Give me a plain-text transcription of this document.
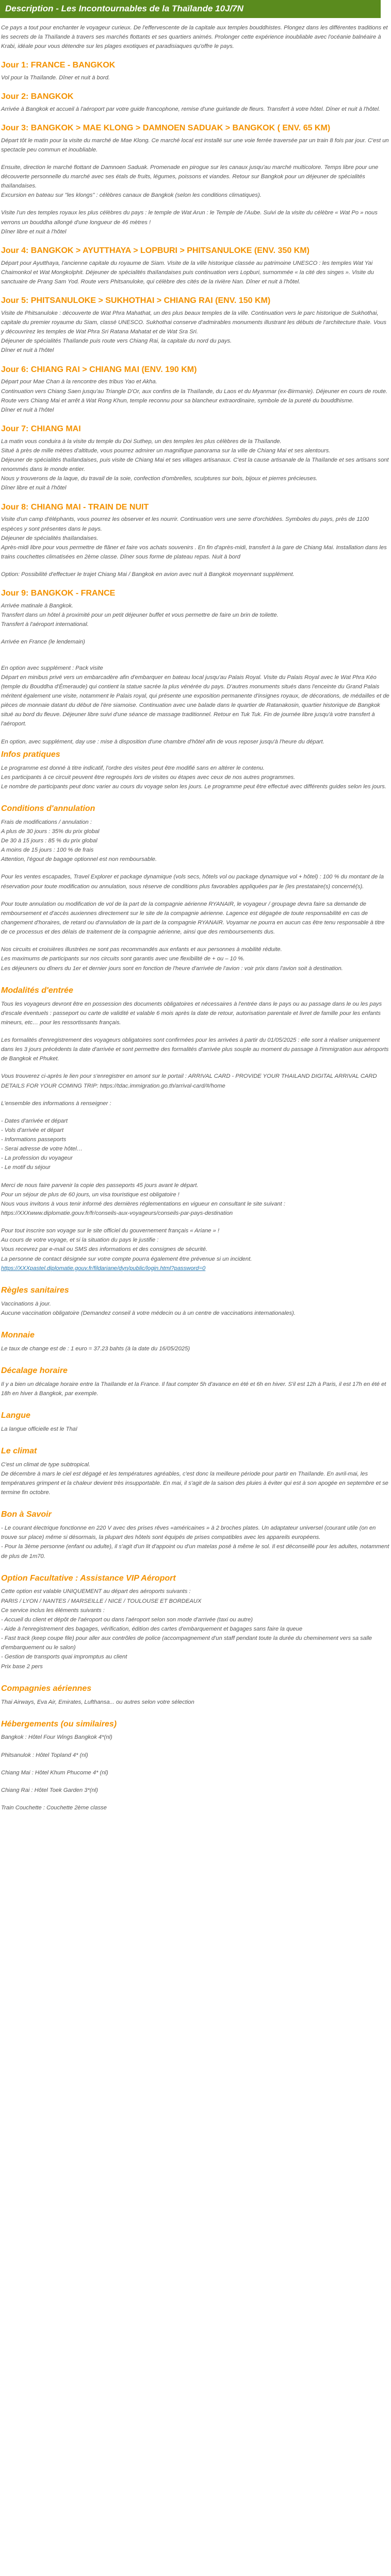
Description - Les Incontournables de la Thaïlande 10J/7N

Ce pays a tout pour enchanter le voyageur curieux. De l'effervescente de la capitale aux temples bouddhistes. Plongez dans les différentes traditions et les secrets de la Thaïlande à travers ses marchés flottants et ses quartiers animés. Prolonger cette expérience inoubliable avec l'océanie balnéaire à Krabi, idéale pour vous détendre sur les plages exotiques et paradisiaques qu'offre le pays.

Jour 1: FRANCE - BANGKOK
Vol pour la Thaïlande. Dîner et nuit à bord.
Jour 2: BANGKOK
Arrivée à Bangkok et accueil à l'aéroport par votre guide francophone, remise d'une guirlande de fleurs. Transfert à votre hôtel. Dîner et nuit à l'hôtel.
Jour 3: BANGKOK > MAE KLONG > DAMNOEN SADUAK > BANGKOK ( ENV. 65 KM)
Départ tôt le matin pour la visite du marché de Mae Klong. Ce marché local est installé sur une voie ferrée traversée par un train 8 fois par jour. C'est un spectacle peu commun et inoubliable.
Ensuite, direction le marché flottant de Damnoen Saduak. Promenade en pirogue sur les canaux jusqu'au marché multicolore. Temps libre pour une découverte personnelle du marché avec ses étals de fruits, légumes, poissons et viandes. Retour sur Bangkok pour un déjeuner de spécialités thaïlandaises.
Excursion en bateau sur "les klongs" : célèbres canaux de Bangkok (selon les conditions climatiques).
Visite l'un des temples royaux les plus célèbres du pays : le temple de Wat Arun : le Temple de l'Aube. Suivi de la visite du célèbre « Wat Po » nous verrons un bouddha allongé d'une longueur de 46 mètres !
Dîner libre et nuit à l'hôtel
Jour 4: BANGKOK > AYUTTHAYA > LOPBURI > PHITSANULOKE (ENV. 350 KM)
Départ pour Ayutthaya, l'ancienne capitale du royaume de Siam. Visite de la ville historique classée au patrimoine UNESCO : les temples Wat Yai Chaimonkol et Wat Mongkolphit. Déjeuner de spécialités thaïlandaises puis continuation vers Lopburi, surnommée « la cité des singes ». Visite du sanctuaire de Prang Sam Yod. Route vers Phitsanuloke, qui célèbre des cités de la rivière Nan. Dîner et nuit à l'hôtel.
Jour 5: PHITSANULOKE > SUKHOTHAI > CHIANG RAI (ENV. 150 KM)
Visite de Phitsanuloke : découverte de Wat Phra Mahathat, un des plus beaux temples de la ville. Continuation vers le parc historique de Sukhothai, capitale du premier royaume du Siam, classé UNESCO. Sukhothai conserve d'admirables monuments illustrant les débuts de l'architecture thaïe. Vous y découvrirez les temples de Wat Phra Sri Ratana Mahatat et de Wat Sra Sri.
Déjeuner de spécialités Thaïlande puis route vers Chiang Rai, la capitale du nord du pays.
Dîner et nuit à l'hôtel
Jour 6: CHIANG RAI > CHIANG MAI (ENV. 190 KM)
Départ pour Mae Chan à la rencontre des tribus Yao et Akha.
Continuation vers Chiang Saen jusqu'au Triangle D'Or, aux confins de la Thaïlande, du Laos et du Myanmar (ex-Birmanie). Déjeuner en cours de route.
Route vers Chiang Mai et arrêt à Wat Rong Khun, temple reconnu pour sa blancheur extraordinaire, symbole de la pureté du bouddhisme.
Dîner et nuit à l'hôtel
Jour 7: CHIANG MAI
La matin vous conduira à la visite du temple du Doi Suthep, un des temples les plus célèbres de la Thaïlande.
Situé à près de mille mètres d'altitude, vous pourrez admirer un magnifique panorama sur la ville de Chiang Mai et ses alentours.
Déjeuner de spécialités thaïlandaises, puis visite de Chiang Mai et ses villages artisanaux. C'est la cause artisanale de la Thaïlande et ses artisans sont renommés dans le monde entier.
Nous y trouverons de la laque, du travail de la soie, confection d'ombrelles, sculptures sur bois, bijoux et pierres précieuses.
Dîner libre et nuit à l'hôtel
Jour 8: CHIANG MAI - TRAIN DE NUIT
Visite d'un camp d'éléphants, vous pourrez les observer et les nourrir. Continuation vers une serre d'orchidées. Symboles du pays, près de 1100 espèces y sont présentes dans le pays.
Déjeuner de spécialités thaïlandaises.
Après-midi libre pour vous permettre de flâner et faire vos achats souvenirs . En fin d'après-midi, transfert à la gare de Chiang Mai. Installation dans les trains couchettes climatisées en 2ème classe. Dîner sous forme de plateau repas. Nuit à bord
Option: Possibilité d'effectuer le trajet Chiang Mai / Bangkok en avion avec nuit à Bangkok moyennant supplément.
Jour 9: BANGKOK - FRANCE
Arrivée matinale à Bangkok.
Transfert dans un hôtel à proximité pour un petit déjeuner buffet et vous permettre de faire un brin de toilette.
Transfert à l'aéroport international.
Arrivée en France (le lendemain)
En option avec supplément : Pack visite
Départ en minibus privé vers un embarcadère afin d'embarquer en bateau local jusqu'au Palais Royal. Visite du Palais Royal avec le Wat Phra Kéo (temple du Bouddha d'Émeraude) qui contient la statue sacrée la plus vénérée du pays. D'autres monuments situés dans l'enceinte du Grand Palais méritent également une visite, notamment le Palais royal, qui présente une exposition permanente d'insignes royaux, de décorations, de médailles et de pièces de monnaie datant du début de l'ère siamoise. Continuation avec une balade dans le quartier de Ratanakosin, quartier historique de Bangkok situé au bord du fleuve. Déjeuner libre suivi d'une séance de massage traditionnel. Retour en Tuk Tuk. Fin de journée libre jusqu'à votre transfert à l'aéroport.
En option, avec supplément, day use : mise à disposition d'une chambre d'hôtel afin de vous reposer jusqu'à l'heure du départ.
Infos pratiques
Le programme est donné à titre indicatif, l'ordre des visites peut être modifié sans en altérer le contenu.
Les participants à ce circuit peuvent être regroupés lors de visites ou étapes avec ceux de nos autres programmes.
Le nombre de participants peut donc varier au cours du voyage selon les jours. Le programme peut être effectué avec différents guides selon les jours.
Conditions d'annulation
Frais de modifications / annulation :
A plus de 30 jours : 35% du prix global
De 30 à 15 jours : 85 % du prix global
A moins de 15 jours : 100 % de frais
Attention, l'égout de bagage optionnel est non remboursable.
Pour les ventes escapades, Travel Explorer et package dynamique (vols secs, hôtels vol ou package dynamique vol + hôtel) : 100 % du montant de la réservation pour toute modification ou annulation, sous réserve de conditions plus favorables appliquées par le (les prestataire(s) concerné(s).
Pour toute annulation ou modification de vol de la part de la compagnie aérienne RYANAIR, le voyageur / groupage devra faire sa demande de remboursement et d'accès auxiennes directement sur le site de la compagnie aérienne. Lagence est dégagée de toute responsabilité en cas de changement d'horaires, de retard ou d'annulation de la part de la compagnie RYANAIR. Voyamar ne pourra en aucun cas être tenu responsable à titre de ce processus et des délais de traitement de la compagnie aérienne, ainsi que des remboursements dus.
Nos circuits et croisières illustrées ne sont pas recommandés aux enfants et aux personnes à mobilité réduite.
Les maximums de participants sur nos circuits sont garantis avec une flexibilité de + ou – 10 %.
Les déjeuners ou dîners du 1er et dernier jours sont en fonction de l'heure d'arrivée de l'avion : voir prix dans l'avion soit à destination.
Modalités d'entrée
Tous les voyageurs devront être en possession des documents obligatoires et nécessaires à l'entrée dans le pays ou au passage dans le ou les pays d'escale éventuels : passeport ou carte de validité et valable 6 mois après la date de retour, autorisation parentale et livret de famille pour les enfants mineurs, etc… pour les ressortissants français.
Les formalités d'enregistrement des voyageurs obligatoires sont confirmées pour les arrivées à partir du 01/05/2025 : elle sont à réaliser uniquement dans les 3 jours précédents la date d'arrivée et sont permettre des formalités d'arrivée plus souple au moment du passage à l'immigration aux aéroports de Bangkok et Phuket.
Vous trouverez ci-après le lien pour s'enregistrer en amont sur le portail : ARRIVAL CARD - PROVIDE YOUR THAILAND DIGITAL ARRIVAL CARD DETAILS FOR YOUR COMING TRIP: https://tdac.immigration.go.th/arrival-card/#/home
L'ensemble des informations à renseigner :
- Dates d'arrivée et départ
- Vols d'arrivée et départ
- Informations passeports
- Serai adresse de votre hôtel…
- La profession du voyageur
- Le motif du séjour
Merci de nous faire parvenir la copie des passeports 45 jours avant le départ.
Pour un séjour de plus de 60 jours, un visa touristique est obligatoire !
Nous vous invitons à vous tenir informé des dernières réglementations en vigueur en consultant le site suivant : https://XXXwww.diplomatie.gouv.fr/fr/conseils-aux-voyageurs/conseils-par-pays-destination
Pour tout inscrire son voyage sur le site officiel du gouvernement français « Ariane » !
Au cours de votre voyage, et si la situation du pays le justifie :
Vous recevrez par e-mail ou SMS des informations et des consignes de sécurité.
La personne de contact désignée sur votre compte pourra également être prévenue si un incident.
https://XXXpastel.diplomatie.gouv.fr/fildariane/dyn/public/login.html?password=0
Règles sanitaires
Vaccinations à jour.
Aucune vaccination obligatoire (Demandez conseil à votre médecin ou à un centre de vaccinations internationales).
Monnaie
Le taux de change est de : 1 euro = 37.23 bahts (à la date du 16/05/2025)
Décalage horaire
Il y a bien un décalage horaire entre la Thaïlande et la France. Il faut compter 5h d'avance en été et 6h en hiver. S'il est 12h à Paris, il est 17h en été et 18h en hiver à Bangkok, par exemple.
Langue
La langue officielle est le Thaï
Le climat
C'est un climat de type subtropical.
De décembre à mars le ciel est dégagé et les températures agréables, c'est donc la meilleure période pour partir en Thaïlande. En avril-mai, les températures grimpent et la chaleur devient très insupportable. En mai, il s'agit de la saison des pluies à éviter qui est à son apogée en septembre et se termine fin octobre.
Bon à Savoir
- Le courant électrique fonctionne en 220 V avec des prises rêves «américaines » à 2 broches plates. Un adaptateur universel (courant utile (on en trouve sur place) même si désormais, la plupart des hôtels sont équipés de prises compatibles avec les appareils européens.
- Pour la 3ème personne (enfant ou adulte), il s'agit d'un lit d'appoint ou d'un matelas posé à même le sol. Il est déconseillé pour les adultes, notamment de plus de 1m70.
Option Facultative : Assistance VIP Aéroport
Cette option est valable UNIQUEMENT au départ des aéroports suivants :
PARIS / LYON / NANTES / MARSEILLE / NICE / TOULOUSE ET BORDEAUX
Ce service inclus les éléments suivants :
- Accueil du client et dépôt de l'aéroport ou dans l'aéroport selon son mode d'arrivée (taxi ou autre)
- Aide à l'enregistrement des bagages, vérification, édition des cartes d'embarquement et bagages sans faire la queue
- Fast track (keep coupe file) pour aller aux contrôles de police (accompagnement d'un staff pendant toute la durée du cheminement vers sa salle d'embarquement ou le salon)
- Gestion de transports quai impromptus au client
Prix base 2 pers
Compagnies aériennes
Thai Airways, Eva Air, Emirates, Lufthansa... ou autres selon votre sélection
Hébergements (ou similaires)
Bangkok : Hôtel Four Wings Bangkok 4*(nl)
Phitsanulok : Hôtel Topland 4* (nl)
Chiang Mai : Hôtel Khum Phucome 4* (nl)
Chiang Rai : Hôtel Toek Garden 3*(nl)
Train Couchette : Couchette 2ème classe
